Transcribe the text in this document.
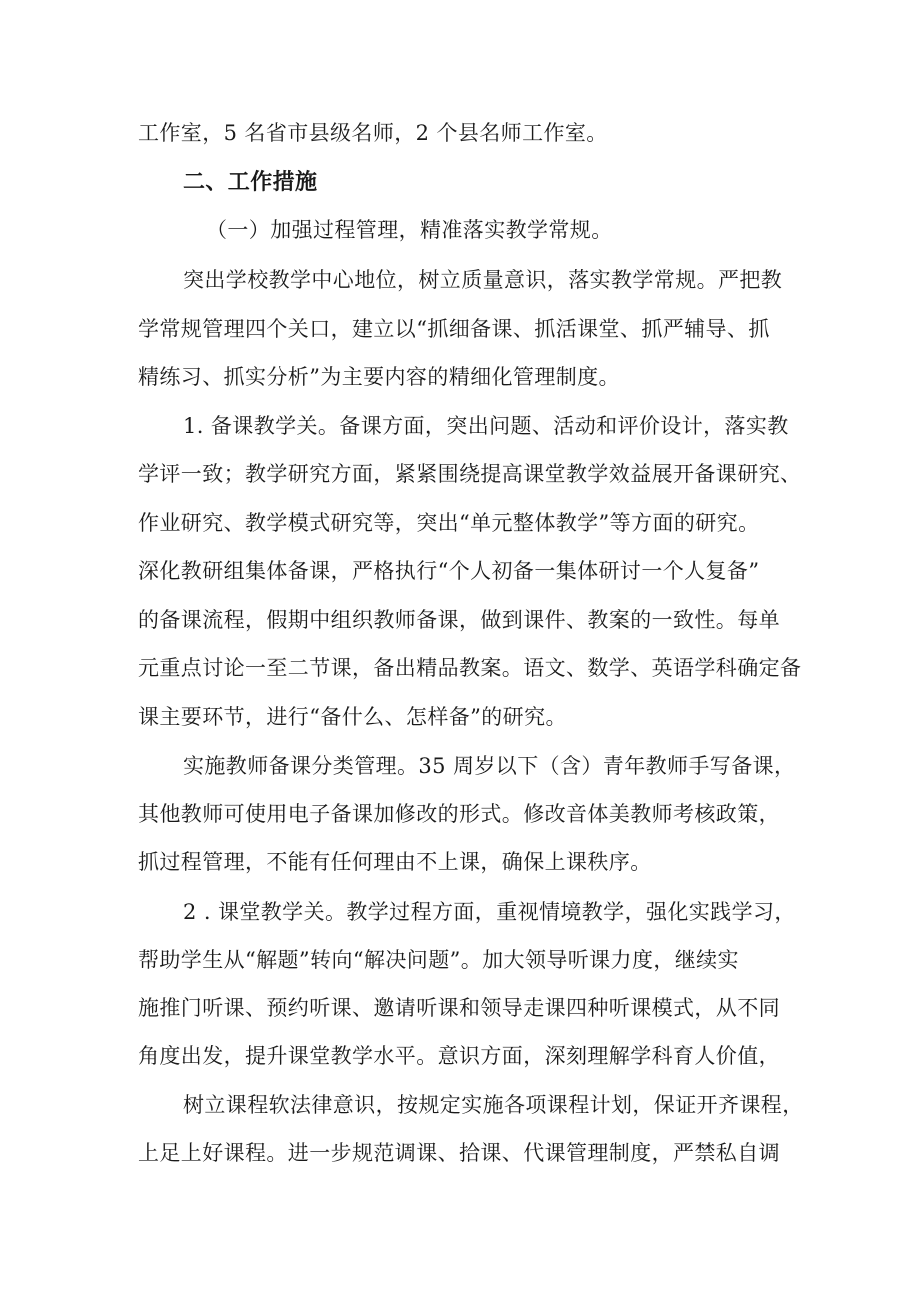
工作室，5 名省市县级名师，2 个县名师工作室。
二、工作措施
（一）加强过程管理，精准落实教学常规。
突出学校教学中心地位，树立质量意识，落实教学常规。严把教
学常规管理四个关口，建立以“抓细备课、抓活课堂、抓严辅导、抓
精练习、抓实分析”为主要内容的精细化管理制度。
1. 备课教学关。备课方面，突出问题、活动和评价设计，落实教
学评一致；教学研究方面，紧紧围绕提高课堂教学效益展开备课研究、
作业研究、教学模式研究等，突出“单元整体教学”等方面的研究。
深化教研组集体备课，严格执行“个人初备一集体研讨一个人复备”
的备课流程，假期中组织教师备课，做到课件、教案的一致性。每单
元重点讨论一至二节课，备出精品教案。语文、数学、英语学科确定备
课主要环节，进行“备什么、怎样备”的研究。
实施教师备课分类管理。35 周岁以下（含）青年教师手写备课，
其他教师可使用电子备课加修改的形式。修改音体美教师考核政策，
抓过程管理，不能有任何理由不上课，确保上课秩序。
2 . 课堂教学关。教学过程方面，重视情境教学，强化实践学习，
帮助学生从“解题”转向“解决问题”。加大领导听课力度，继续实
施推门听课、预约听课、邀请听课和领导走课四种听课模式，从不同
角度出发，提升课堂教学水平。意识方面，深刻理解学科育人价值，
树立课程软法律意识，按规定实施各项课程计划，保证开齐课程，
上足上好课程。进一步规范调课、拾课、代课管理制度，严禁私自调
